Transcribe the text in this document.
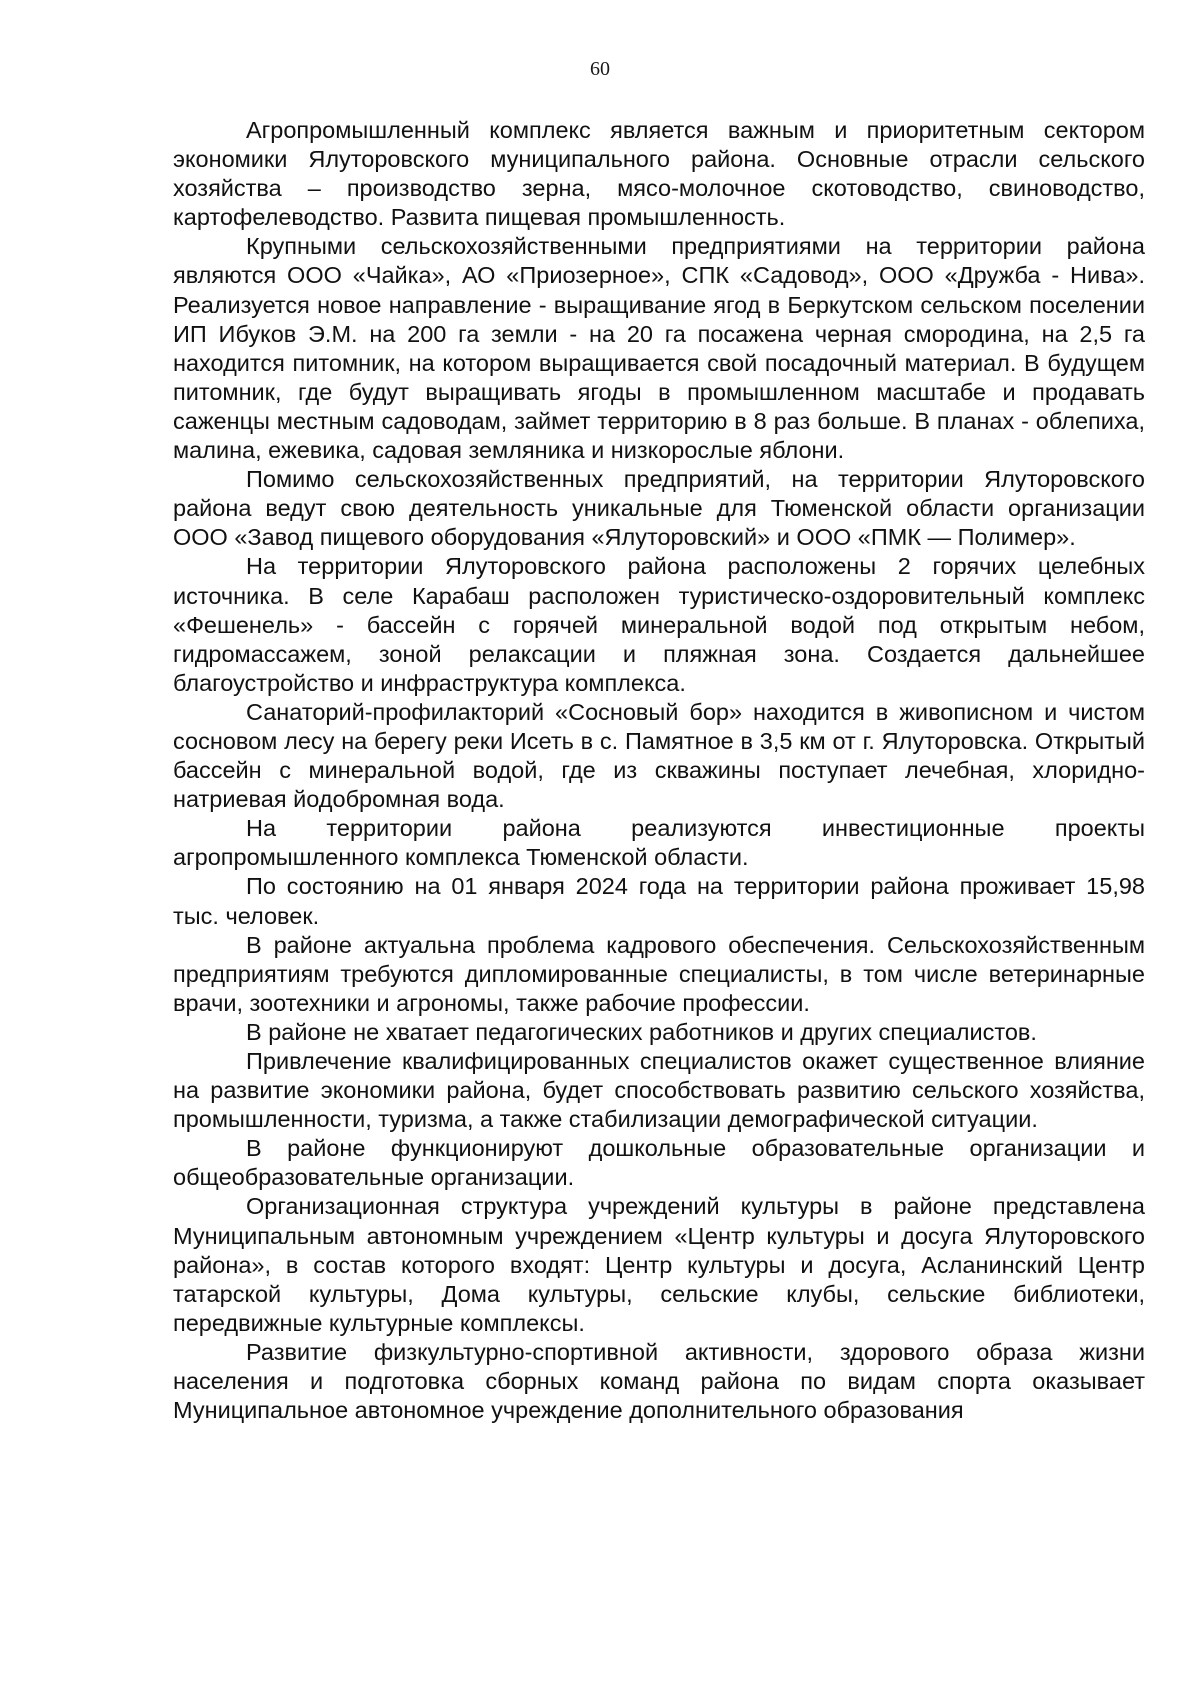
60

Агропромышленный комплекс является важным и приоритетным сектором экономики Ялуторовского муниципального района. Основные отрасли сельского хозяйства – производство зерна, мясо-молочное скотоводство, свиноводство, картофелеводство. Развита пищевая промышленность.

Крупными сельскохозяйственными предприятиями на территории района являются ООО «Чайка», АО «Приозерное», СПК «Садовод», ООО «Дружба - Нива». Реализуется новое направление - выращивание ягод в Беркутском сельском поселении ИП Ибуков Э.М. на 200 га земли - на 20 га посажена черная смородина, на 2,5 га находится питомник, на котором выращивается свой посадочный материал. В будущем питомник, где будут выращивать ягоды в промышленном масштабе и продавать саженцы местным садоводам, займет территорию в 8 раз больше. В планах - облепиха, малина, ежевика, садовая земляника и низкорослые яблони.

Помимо сельскохозяйственных предприятий, на территории Ялуторовского района ведут свою деятельность уникальные для Тюменской области организации ООО «Завод пищевого оборудования «Ялуторовский» и ООО «ПМК — Полимер».

На территории Ялуторовского района расположены 2 горячих целебных источника. В селе Карабаш расположен туристическо-оздоровительный комплекс «Фешенель» - бассейн с горячей минеральной водой под открытым небом, гидромассажем, зоной релаксации и пляжная зона. Создается дальнейшее благоустройство и инфраструктура комплекса.

Санаторий-профилакторий «Сосновый бор» находится в живописном и чистом сосновом лесу на берегу реки Исеть в с. Памятное в 3,5 км от г. Ялуторовска. Открытый бассейн с минеральной водой, где из скважины поступает лечебная, хлоридно-натриевая йодобромная вода.

На территории района реализуются инвестиционные проекты агропромышленного комплекса Тюменской области.

По состоянию на 01 января 2024 года на территории района проживает 15,98 тыс. человек.

В районе актуальна проблема кадрового обеспечения. Сельскохозяйственным предприятиям требуются дипломированные специалисты, в том числе ветеринарные врачи, зоотехники и агрономы, также рабочие профессии.

В районе не хватает педагогических работников и других специалистов.

Привлечение квалифицированных специалистов окажет существенное влияние на развитие экономики района, будет способствовать развитию сельского хозяйства, промышленности, туризма, а также стабилизации демографической ситуации.

В районе функционируют дошкольные образовательные организации и общеобразовательные организации.

Организационная структура учреждений культуры в районе представлена Муниципальным автономным учреждением «Центр культуры и досуга Ялуторовского района», в состав которого входят: Центр культуры и досуга, Асланинский Центр татарской культуры, Дома культуры, сельские клубы, сельские библиотеки, передвижные культурные комплексы.

Развитие физкультурно-спортивной активности, здорового образа жизни населения и подготовка сборных команд района по видам спорта оказывает Муниципальное автономное учреждение дополнительного образования
